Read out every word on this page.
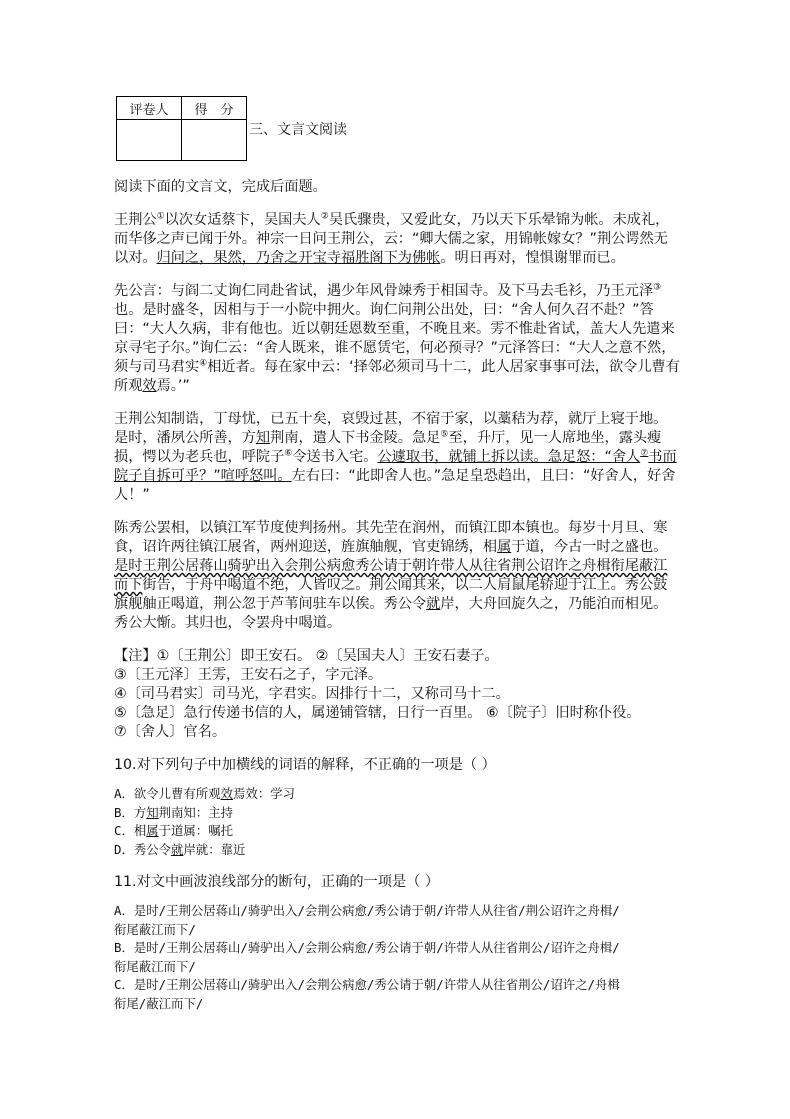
评卷人	得　分

三、文言文阅读

阅读下面的文言文，完成后面题。

王荆公①以次女适蔡卞，吴国夫人②吴氏骤贵，又爱此女，乃以天下乐晕锦为帐。未成礼，而华侈之声已闻于外。神宗一日问王荆公，云：“卿大儒之家，用锦帐嫁女？”荆公谔然无以对。归问之，果然，乃舍之开宝寺福胜阁下为佛帐。明日再对，惶惧谢罪而已。

先公言：与阎二丈询仁同赴省试，遇少年风骨竦秀于相国寺。及下马去毛衫，乃王元泽③也。是时盛冬，因相与于一小院中拥火。询仁问荆公出处，曰：“舍人何久召不赴？”答曰：“大人久病，非有他也。近以朝廷恩数至重，不晚且来。雱不惟赴省试，盖大人先遣来京寻宅子尔。”询仁云：“舍人既来，谁不愿赁宅，何必预寻？”元泽答曰：“大人之意不然，须与司马君实④相近者。每在家中云：‘择邻必须司马十二，此人居家事事可法，欲令儿曹有所观效焉。’”

王荆公知制诰，丁母忧，已五十矣，哀毁过甚，不宿于家，以藁秸为荐，就厅上寝于地。是时，潘夙公所善，方知荆南，遣人下书金陵。急足⑤至，升厅，见一人席地坐，露头瘦损，愕以为老兵也，呼院子⑥令送书入宅。公遽取书，就铺上拆以读。急足怒：“舍人⑦书而院子自拆可乎？”喧呼怒叫。左右曰：“此即舍人也。”急足皇恐趋出，且曰：“好舍人，好舍人！”

陈秀公罢相，以镇江军节度使判扬州。其先茔在润州，而镇江即本镇也。每岁十月旦、寒食，诏许两往镇江展省，两州迎送，旌旗舳舰，官吏锦绣，相属于道，今古一时之盛也。是时王荆公居蒋山骑驴出入会荆公病愈秀公请于朝许带人从往省荆公诏许之舟楫衔尾蔽江而下街告，于舟中喝道不绝，人皆叹之。荆公闻其来，以二人肩鼠尾轿迎于江上。秀公鼓旗舰舳正喝道，荆公忽于芦苇间驻车以俟。秀公令就岸，大舟回旋久之，乃能泊而相见。秀公大惭。其归也，令罢舟中喝道。

【注】①〔王荆公〕即王安石。 ②〔吴国夫人〕王安石妻子。

③〔王元泽〕王雱，王安石之子，字元泽。

④〔司马君实〕司马光，字君实。因排行十二，又称司马十二。

⑤〔急足〕急行传递书信的人，属递铺管辖，日行一百里。 ⑥〔院子〕旧时称仆役。

⑦〔舍人〕官名。

10.对下列句子中加横线的词语的解释，不正确的一项是（ ）

A．欲令儿曹有所观效焉效：学习
B．方知荆南知：主持
C．相属于道属：嘱托
D．秀公令就岸就：靠近

11.对文中画波浪线部分的断句，正确的一项是（ ）

A．是时/王荆公居蒋山/骑驴出入/会荆公病愈/秀公请于朝/许带人从往省/荆公诏许之舟楫/
衔尾蔽江而下/
B．是时/王荆公居蒋山/骑驴出入/会荆公病愈/秀公请于朝/许带人从往省荆公/诏许之舟楫/
衔尾蔽江而下/
C．是时/王荆公居蒋山/骑驴出入/会荆公病愈/秀公请于朝/许带人从往省荆公/诏许之/舟楫
衔尾/蔽江而下/
